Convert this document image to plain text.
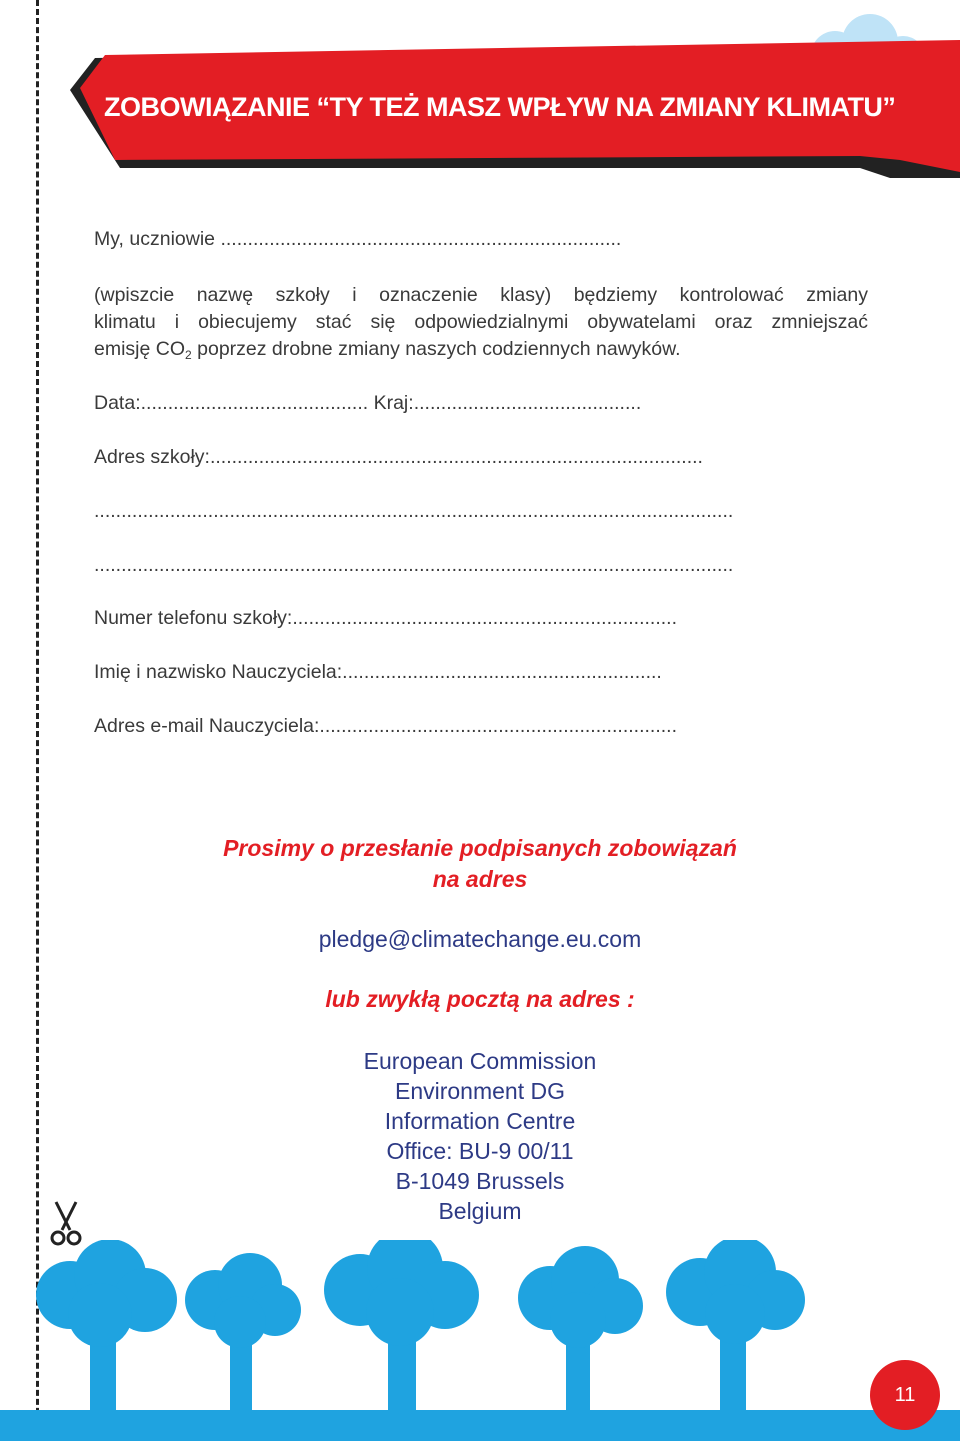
ZOBOWIĄZANIE “TY TEŻ MASZ WPŁYW NA ZMIANY KLIMATU”
My, uczniowie ..........................................................................
(wpiszcie nazwę szkoły i oznaczenie klasy) będziemy kontrolować zmiany
klimatu i obiecujemy stać się odpowiedzialnymi obywatelami oraz zmniejszać
emisję $CO_2$ poprzez drobne zmiany naszych codziennych nawyków.
Data:.......................................... Kraj:..........................................
Adres szkoły:...........................................................................................
......................................................................................................................
......................................................................................................................
Numer telefonu szkoły:.......................................................................
Imię i nazwisko Nauczyciela:...........................................................
Adres e-mail Nauczyciela:..................................................................
Prosimy o przesłanie podpisanych zobowiązań
na adres
pledge@climatechange.eu.com
lub zwykłą pocztą na adres :
European Commission
Environment DG
Information Centre
Office: BU-9 00/11
B-1049 Brussels
Belgium
11
